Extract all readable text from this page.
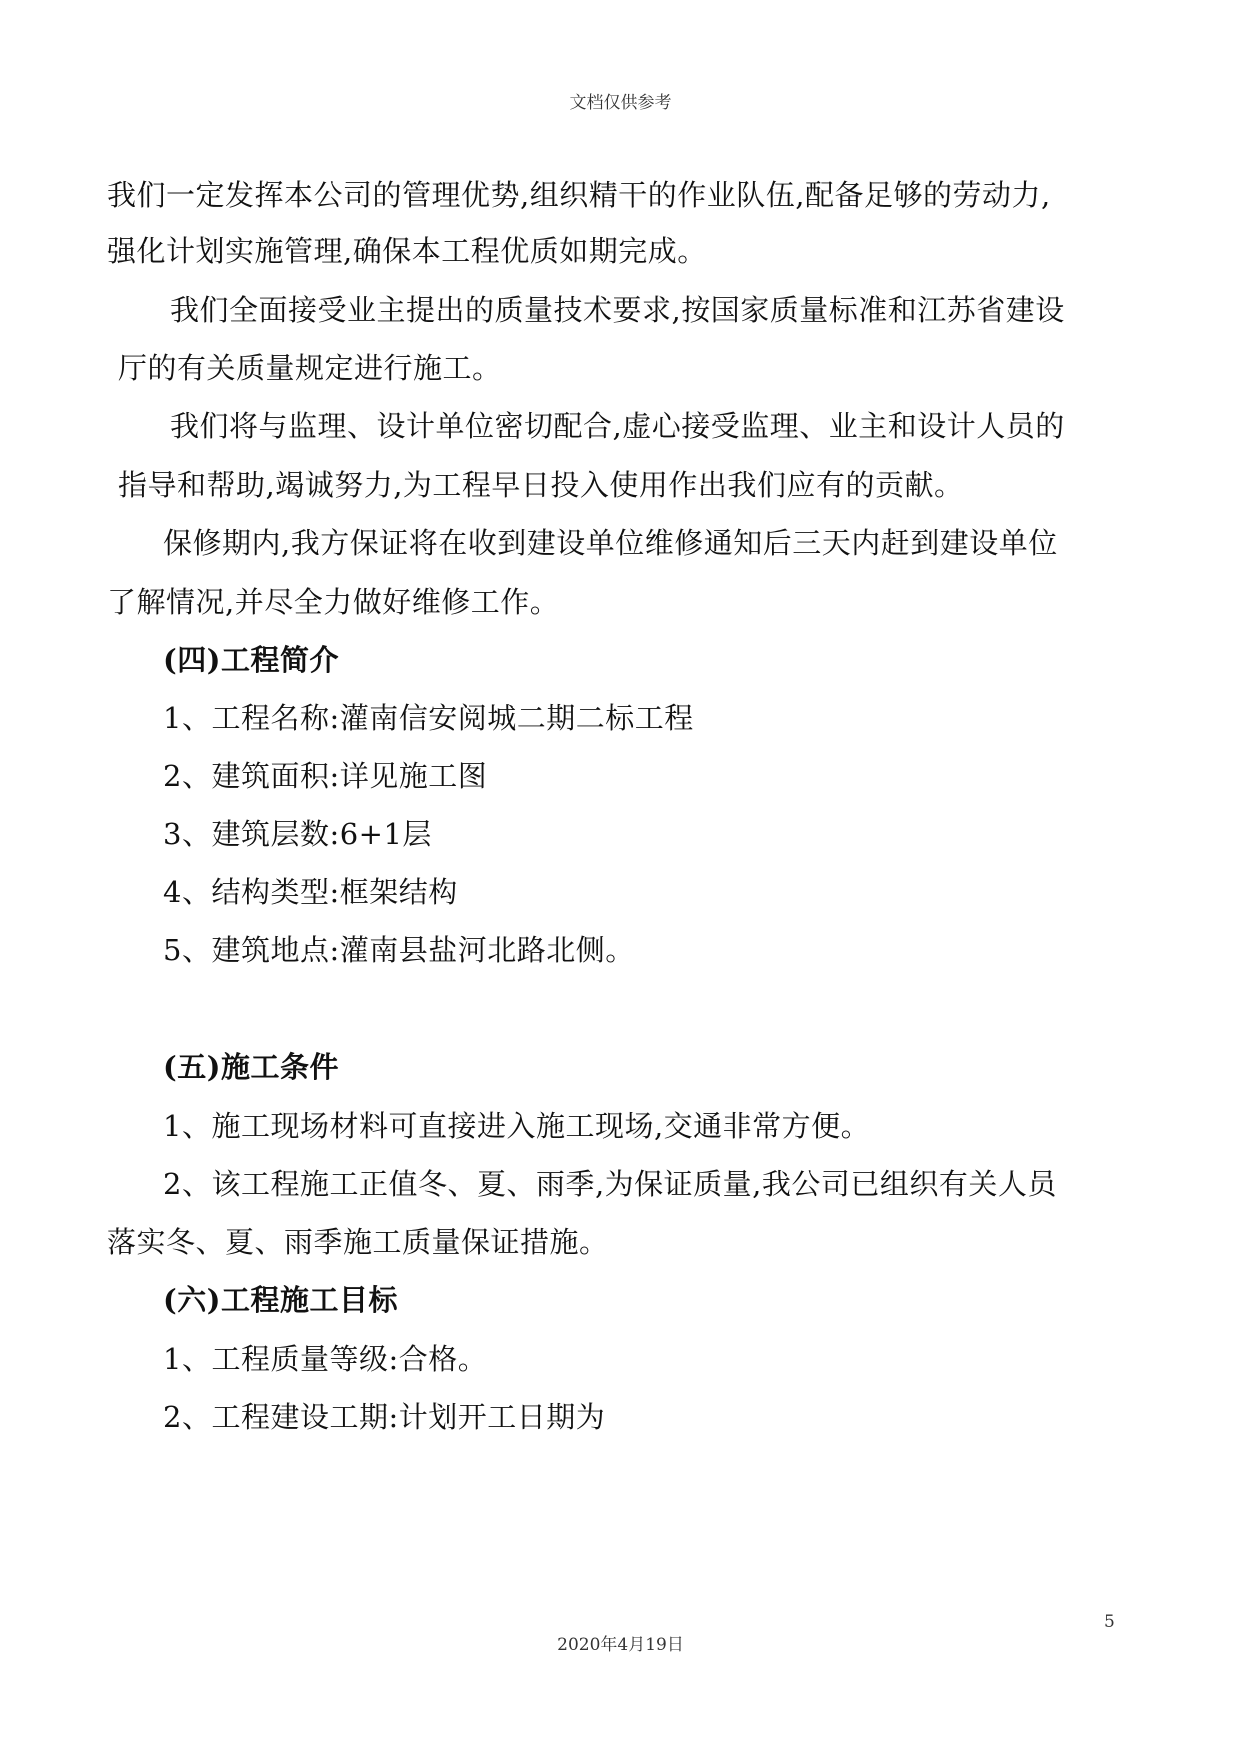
文档仅供参考
我们一定发挥本公司的管理优势,组织精干的作业队伍,配备足够的劳动力,
强化计划实施管理,确保本工程优质如期完成。
我们全面接受业主提出的质量技术要求,按国家质量标准和江苏省建设
厅的有关质量规定进行施工。
我们将与监理、设计单位密切配合,虚心接受监理、业主和设计人员的
指导和帮助,竭诚努力,为工程早日投入使用作出我们应有的贡献。
保修期内,我方保证将在收到建设单位维修通知后三天内赶到建设单位
了解情况,并尽全力做好维修工作。
(四)工程简介
1、工程名称:灌南信安阅城二期二标工程
2、建筑面积:详见施工图
3、建筑层数:6+1层
4、结构类型:框架结构
5、建筑地点:灌南县盐河北路北侧。
(五)施工条件
1、施工现场材料可直接进入施工现场,交通非常方便。
2、该工程施工正值冬、夏、雨季,为保证质量,我公司已组织有关人员
落实冬、夏、雨季施工质量保证措施。
(六)工程施工目标
1、工程质量等级:合格。
2、工程建设工期:计划开工日期为
5
2020年4月19日
